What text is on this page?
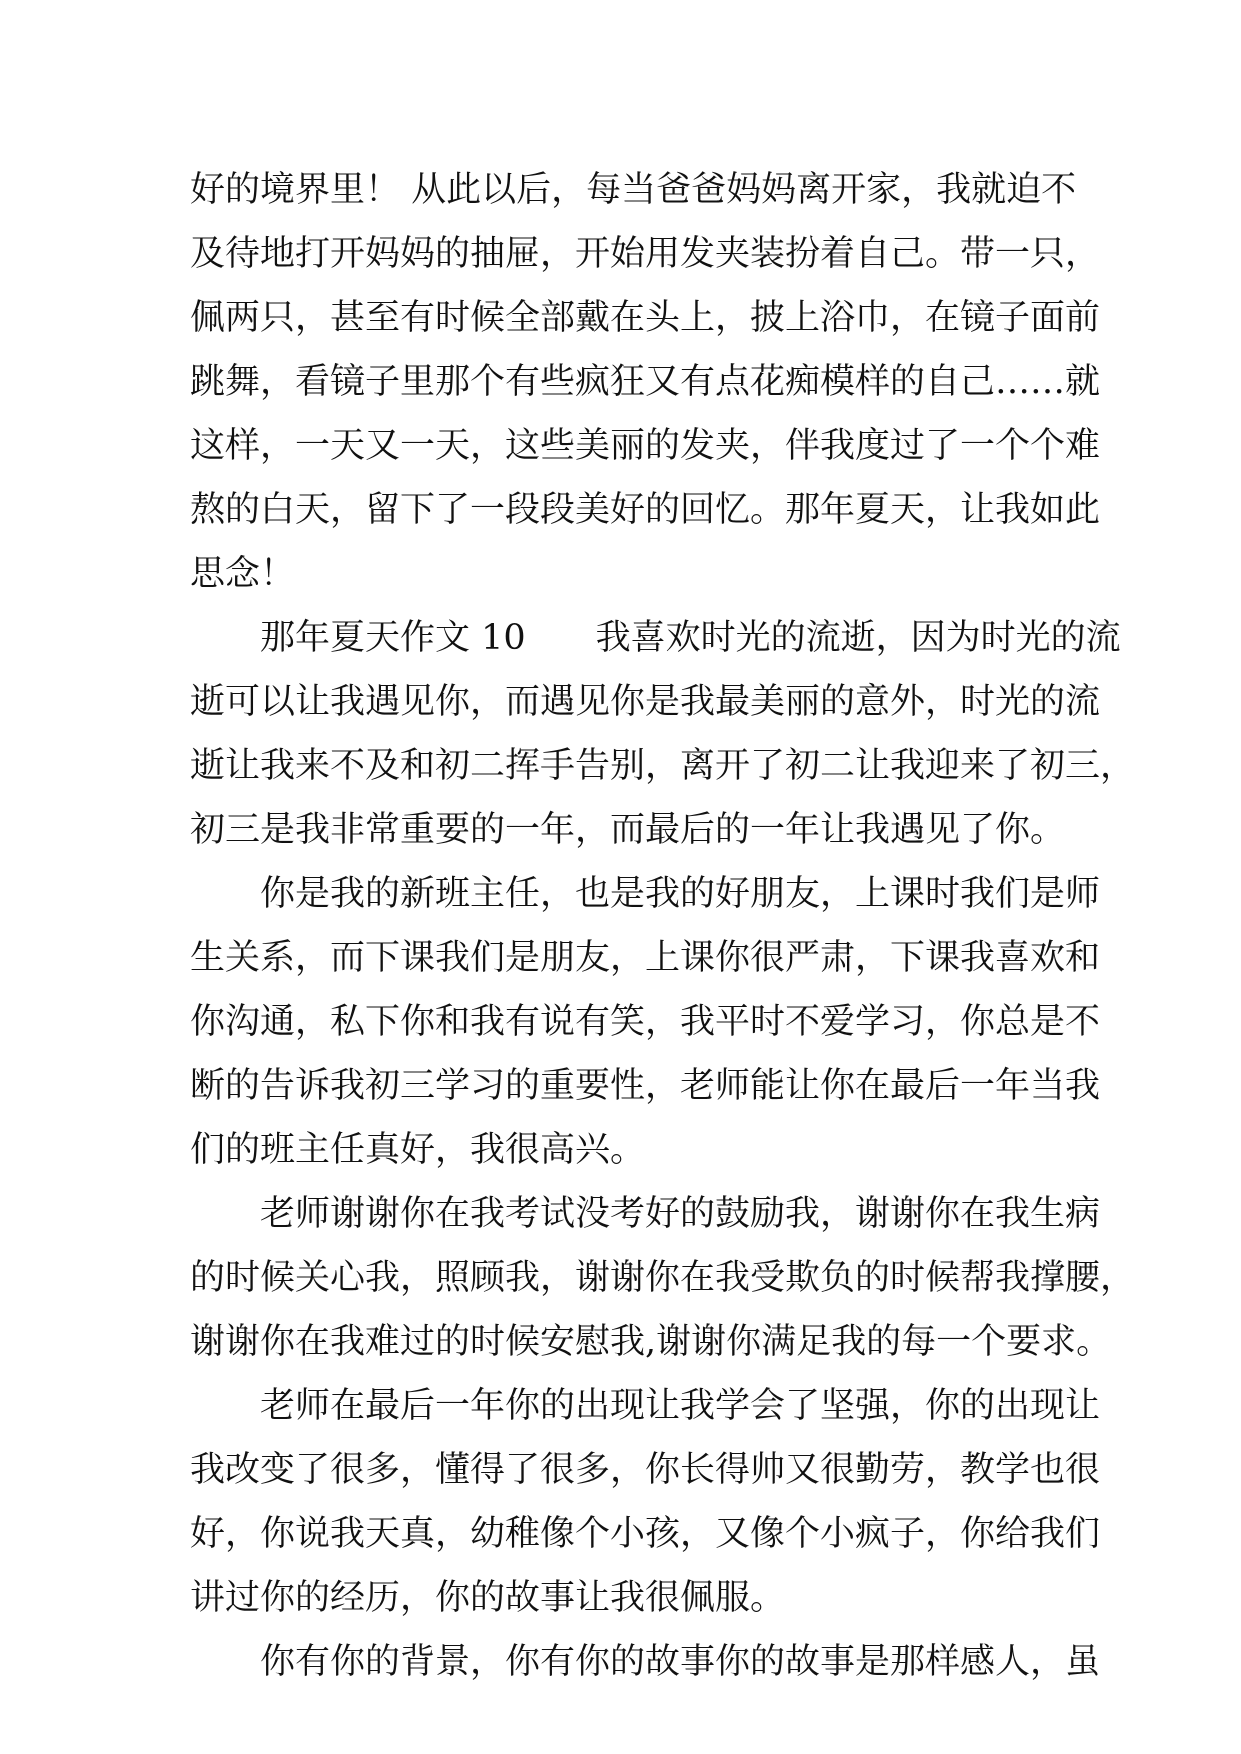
好的境界里！ 从此以后，每当爸爸妈妈离开家，我就迫不
及待地打开妈妈的抽屉，开始用发夹装扮着自己。带一只，
佩两只，甚至有时候全部戴在头上，披上浴巾，在镜子面前
跳舞，看镜子里那个有些疯狂又有点花痴模样的自己……就
这样，一天又一天，这些美丽的发夹，伴我度过了一个个难
熬的白天，留下了一段段美好的回忆。那年夏天，让我如此
思念！
那年夏天作文 10　　我喜欢时光的流逝，因为时光的流
逝可以让我遇见你，而遇见你是我最美丽的意外，时光的流
逝让我来不及和初二挥手告别，离开了初二让我迎来了初三，
初三是我非常重要的一年，而最后的一年让我遇见了你。
你是我的新班主任，也是我的好朋友，上课时我们是师
生关系，而下课我们是朋友，上课你很严肃，下课我喜欢和
你沟通，私下你和我有说有笑，我平时不爱学习，你总是不
断的告诉我初三学习的重要性，老师能让你在最后一年当我
们的班主任真好，我很高兴。
老师谢谢你在我考试没考好的鼓励我，谢谢你在我生病
的时候关心我，照顾我，谢谢你在我受欺负的时候帮我撑腰，
谢谢你在我难过的时候安慰我,谢谢你满足我的每一个要求。
老师在最后一年你的出现让我学会了坚强，你的出现让
我改变了很多，懂得了很多，你长得帅又很勤劳，教学也很
好，你说我天真，幼稚像个小孩，又像个小疯子，你给我们
讲过你的经历，你的故事让我很佩服。
你有你的背景，你有你的故事你的故事是那样感人，虽
